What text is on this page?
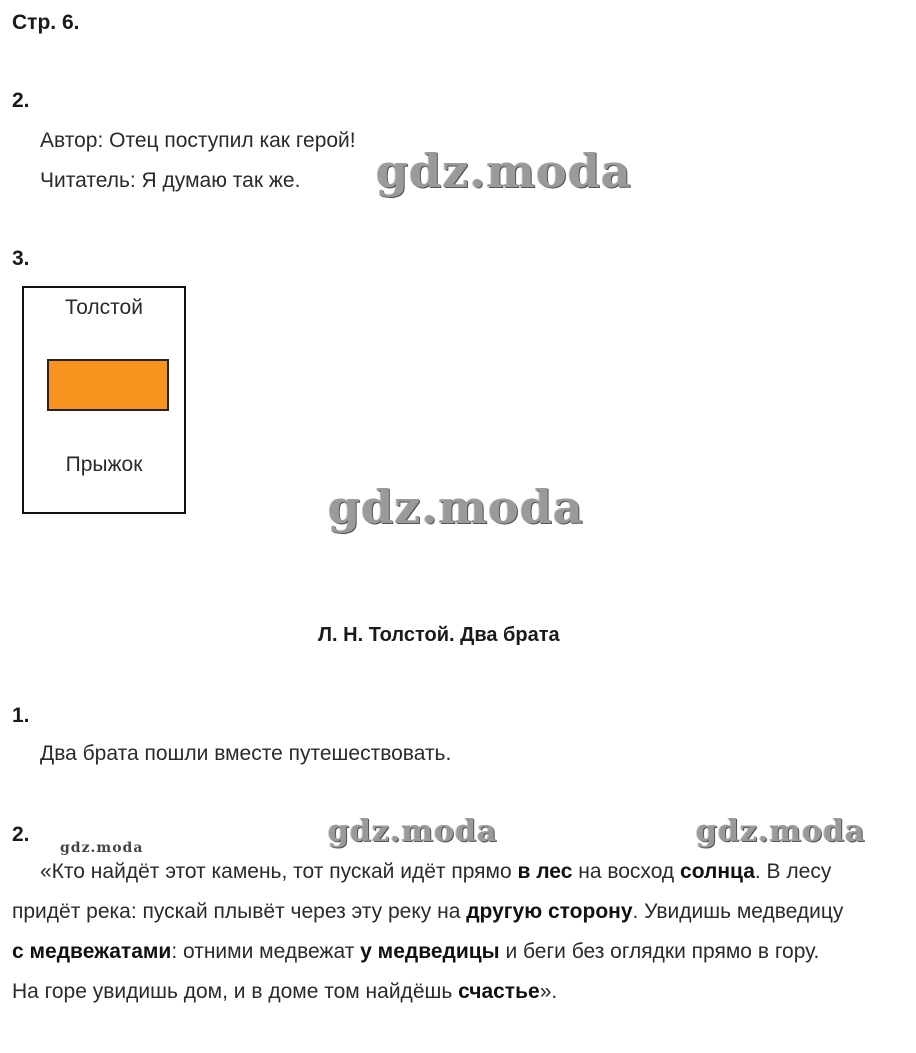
Стр. 6.
2.
Автор: Отец поступил как герой!
Читатель: Я думаю так же. gdz.moda
3.
Толстой
Прыжок
gdz.moda
Л. Н. Толстой. Два брата
1.
Два брата пошли вместе путешествовать.
2.
gdz.moda	gdz.moda	gdz.moda

«Кто найдёт этот камень, тот пускай идёт прямо в лес на восход солнца. В лесу

придёт река: пускай плывёт через эту реку на другую сторону. Увидишь медведицу

с медвежатами: отними медвежат у медведицы и беги без оглядки прямо в гору.

На горе увидишь дом, и в доме том найдёшь счастье».
